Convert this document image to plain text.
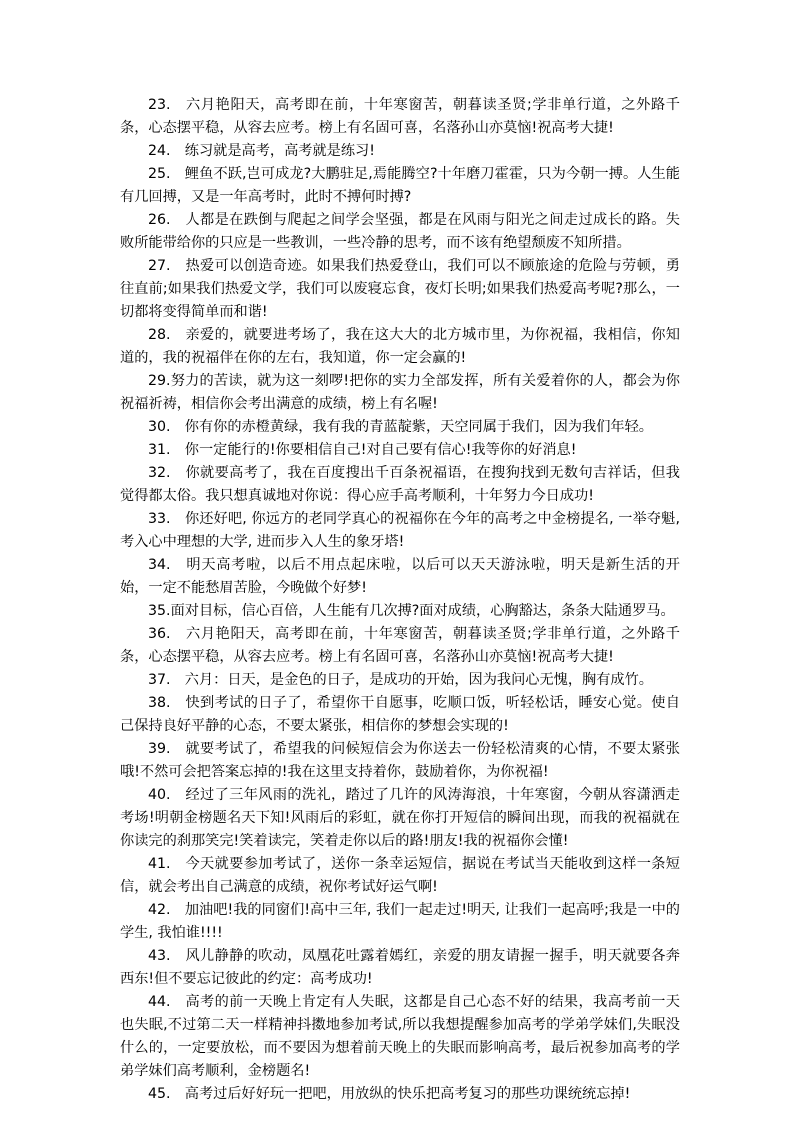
23.　六月艳阳天，高考即在前，十年寒窗苦，朝暮读圣贤;学非单行道，之外路千条，心态摆平稳，从容去应考。榜上有名固可喜，名落孙山亦莫恼!祝高考大捷!

24.　练习就是高考，高考就是练习!

25.　鲤鱼不跃,岂可成龙?大鹏驻足,焉能腾空?十年磨刀霍霍，只为今朝一搏。人生能有几回搏，又是一年高考时，此时不搏何时搏?

26.　人都是在跌倒与爬起之间学会坚强，都是在风雨与阳光之间走过成长的路。失败所能带给你的只应是一些教训，一些冷静的思考，而不该有绝望颓废不知所措。

27.　热爱可以创造奇迹。如果我们热爱登山，我们可以不顾旅途的危险与劳顿，勇往直前;如果我们热爱文学，我们可以废寝忘食，夜灯长明;如果我们热爱高考呢?那么，一切都将变得简单而和谐!

28.　亲爱的，就要进考场了，我在这大大的北方城市里，为你祝福，我相信，你知道的，我的祝福伴在你的左右，我知道，你一定会赢的!

29.努力的苦读，就为这一刻啰!把你的实力全部发挥，所有关爱着你的人，都会为你祝福祈祷，相信你会考出满意的成绩，榜上有名喔!

30.　你有你的赤橙黄绿，我有我的青蓝靛紫，天空同属于我们，因为我们年轻。

31.　你一定能行的!你要相信自己!对自己要有信心!我等你的好消息!

32.　你就要高考了，我在百度搜出千百条祝福语，在搜狗找到无数句吉祥话，但我觉得都太俗。我只想真诚地对你说：得心应手高考顺利，十年努力今日成功!

33.　你还好吧, 你远方的老同学真心的祝福你在今年的高考之中金榜提名, 一举夺魁, 考入心中理想的大学, 进而步入人生的象牙塔!

34.　明天高考啦，以后不用点起床啦，以后可以天天游泳啦，明天是新生活的开始，一定不能愁眉苦脸，今晚做个好梦!

35.面对目标，信心百倍，人生能有几次搏?面对成绩，心胸豁达，条条大陆通罗马。

36.　六月艳阳天，高考即在前，十年寒窗苦，朝暮读圣贤;学非单行道，之外路千条，心态摆平稳，从容去应考。榜上有名固可喜，名落孙山亦莫恼!祝高考大捷!

37.　六月：日天，是金色的日子，是成功的开始，因为我问心无愧，胸有成竹。

38.　快到考试的日子了，希望你干自愿事，吃顺口饭，听轻松话，睡安心觉。使自己保持良好平静的心态，不要太紧张，相信你的梦想会实现的!

39.　就要考试了，希望我的问候短信会为你送去一份轻松清爽的心情，不要太紧张哦!不然可会把答案忘掉的!我在这里支持着你，鼓励着你，为你祝福!

40.　经过了三年风雨的洗礼，踏过了几许的风涛海浪，十年寒窗，今朝从容潇洒走考场!明朝金榜题名天下知!风雨后的彩虹，就在你打开短信的瞬间出现，而我的祝福就在你读完的刹那笑完!笑着读完，笑着走你以后的路!朋友!我的祝福你会懂!

41.　今天就要参加考试了，送你一条幸运短信，据说在考试当天能收到这样一条短信，就会考出自己满意的成绩，祝你考试好运气啊!

42.　加油吧!我的同窗们!高中三年, 我们一起走过!明天, 让我们一起高呼;我是一中的学生, 我怕谁!!!!

43.　风儿静静的吹动，凤凰花吐露着嫣红，亲爱的朋友请握一握手，明天就要各奔西东!但不要忘记彼此的约定：高考成功!

44.　高考的前一天晚上肯定有人失眠，这都是自己心态不好的结果，我高考前一天也失眠,不过第二天一样精神抖擞地参加考试,所以我想提醒参加高考的学弟学妹们,失眠没什么的，一定要放松，而不要因为想着前天晚上的失眠而影响高考，最后祝参加高考的学弟学妹们高考顺利，金榜题名!

45.　高考过后好好玩一把吧，用放纵的快乐把高考复习的那些功课统统忘掉!
